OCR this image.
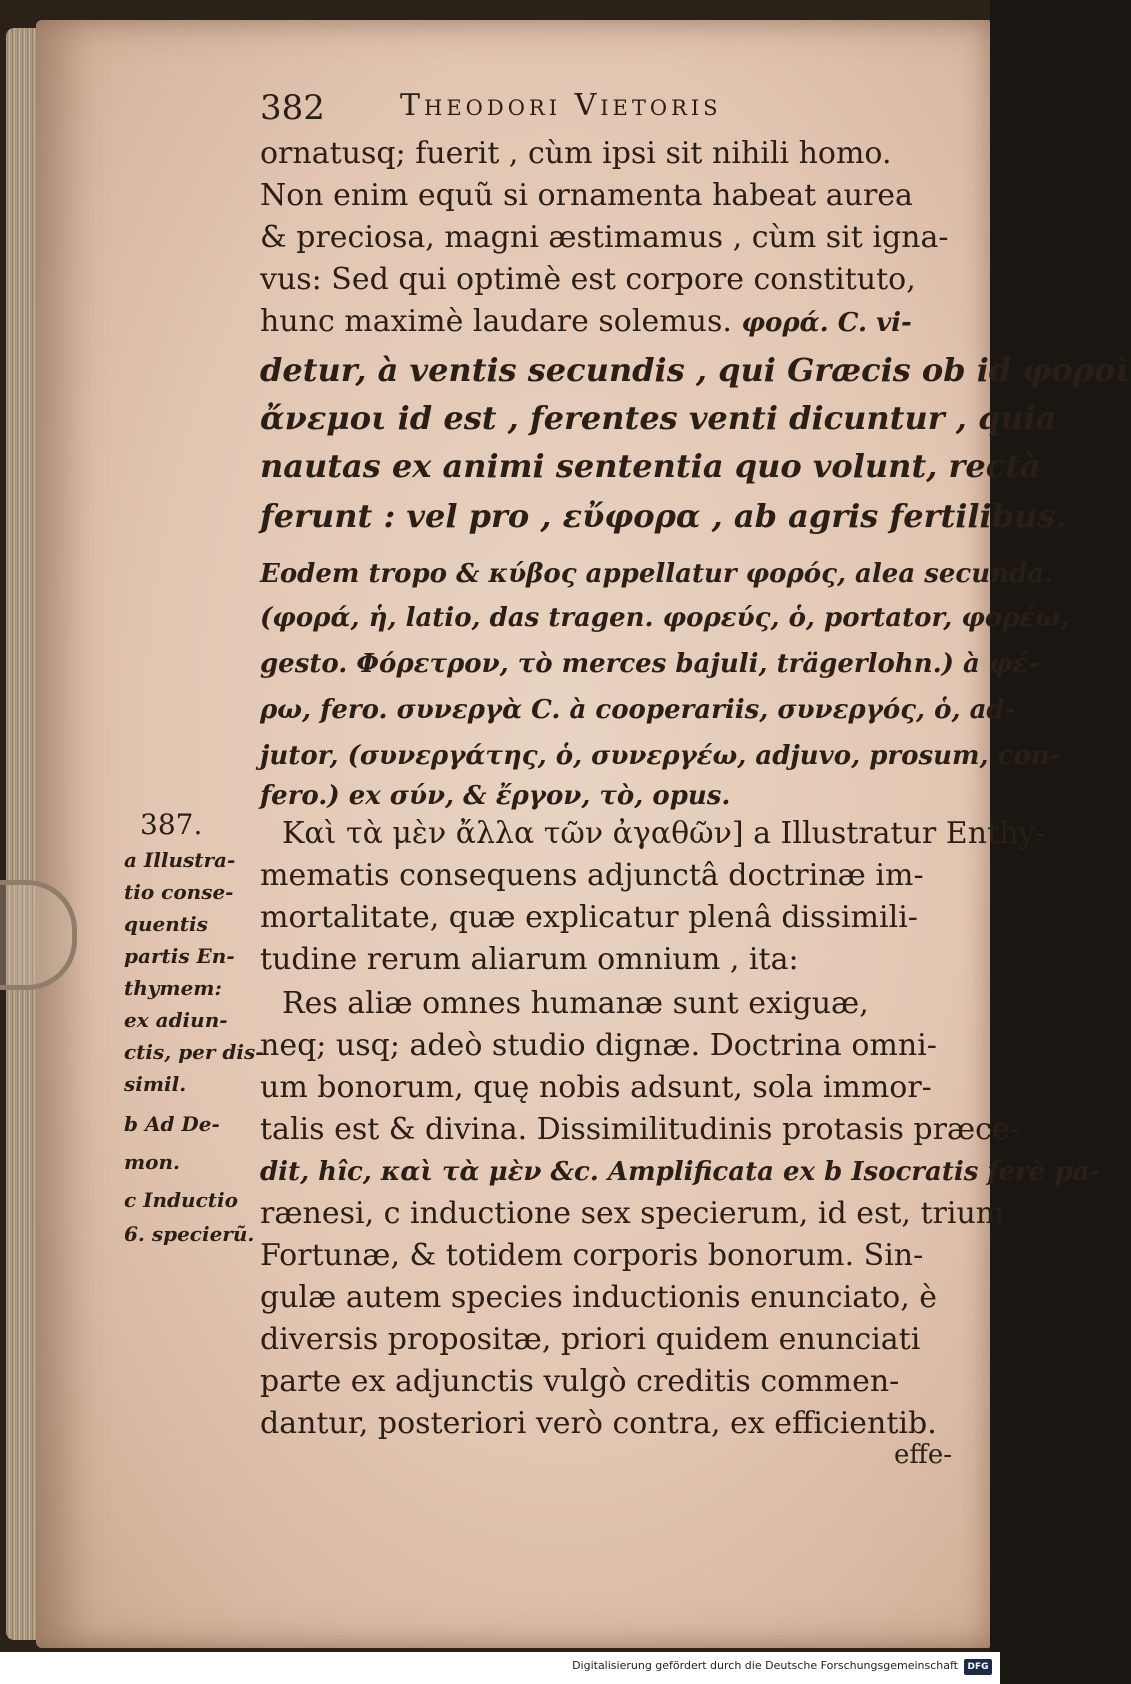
382	Theodori Vietoris
ornatusq; fuerit , cùm ipsi sit nihili homo.
Non enim equũ si ornamenta habeat aurea
& preciosa, magni æstimamus , cùm sit igna-
vus: Sed qui optimè est corpore constituto,
hunc maximè laudare solemus. φορά. C. vi-
detur, à ventis secundis , qui Græcis ob id φοροὶ
ἄνεμοι id est , ferentes venti dicuntur , quia
nautas ex animi sententia quo volunt, rectà
ferunt : vel pro , εὔφορα , ab agris fertilibus.
Eodem tropo & κύβος appellatur φορός, alea secunda.
(φορά, ἡ, latio, das tragen. φορεύς, ὁ, portator, φορέω,
gesto. Φόρετρον, τὸ merces bajuli, trägerlohn.) à φέ-
ρω, fero. συνεργὰ C. à cooperariis, συνεργός, ὁ, ad-
jutor, (συνεργάτης, ὁ, συνεργέω, adjuvo, prosum, con-
fero.) ex σύν, & ἔργον, τὸ, opus.
Καὶ τὰ μὲν ἄλλα τῶν ἀγαθῶν] a Illustratur Enthy-
mematis consequens adjunctâ doctrinæ im-
mortalitate, quæ explicatur plenâ dissimili-
tudine rerum aliarum omnium , ita:
Res aliæ omnes humanæ sunt exiguæ,
neq; usq; adeò studio dignæ. Doctrina omni-
um bonorum, quę nobis adsunt, sola immor-
talis est & divina. Dissimilitudinis protasis præce-
dit, hîc, καὶ τὰ μὲν &c. Amplificata ex b Isocratis ferè pa-
rænesi, c inductione sex specierum, id est, trium
Fortunæ, & totidem corporis bonorum. Sin-
gulæ autem species inductionis enunciato, è
diversis propositæ, priori quidem enunciati
parte ex adjunctis vulgò creditis commen-
dantur, posteriori verò contra, ex efficientib.
387.
a Illustra-
tio conse-
quentis
partis En-
thymem:
ex adiun-
ctis, per dis-
simil.
b Ad De-
mon.
c Inductio
6. specierũ.
effe-
Digitalisierung gefördert durch die Deutsche Forschungsgemeinschaft	DFG
